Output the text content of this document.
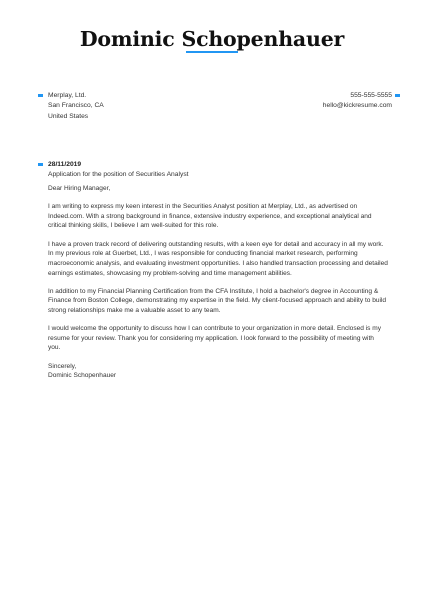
Dominic Schopenhauer
Merplay, Ltd.
San Francisco, CA
United States
555-555-5555
hello@kickresume.com
28/11/2019
Application for the position of Securities Analyst

Dear Hiring Manager,

I am writing to express my keen interest in the Securities Analyst position at Merplay, Ltd., as advertised on Indeed.com. With a strong background in finance, extensive industry experience, and exceptional analytical and critical thinking skills, I believe I am well-suited for this role.

I have a proven track record of delivering outstanding results, with a keen eye for detail and accuracy in all my work. In my previous role at Guerbet, Ltd., I was responsible for conducting financial market research, performing macroeconomic analysis, and evaluating investment opportunities. I also handled transaction processing and detailed earnings estimates, showcasing my problem-solving and time management abilities.

In addition to my Financial Planning Certification from the CFA Institute, I hold a bachelor's degree in Accounting & Finance from Boston College, demonstrating my expertise in the field. My client-focused approach and ability to build strong relationships make me a valuable asset to any team.

I would welcome the opportunity to discuss how I can contribute to your organization in more detail. Enclosed is my resume for your review. Thank you for considering my application. I look forward to the possibility of meeting with you.

Sincerely,

Dominic Schopenhauer
